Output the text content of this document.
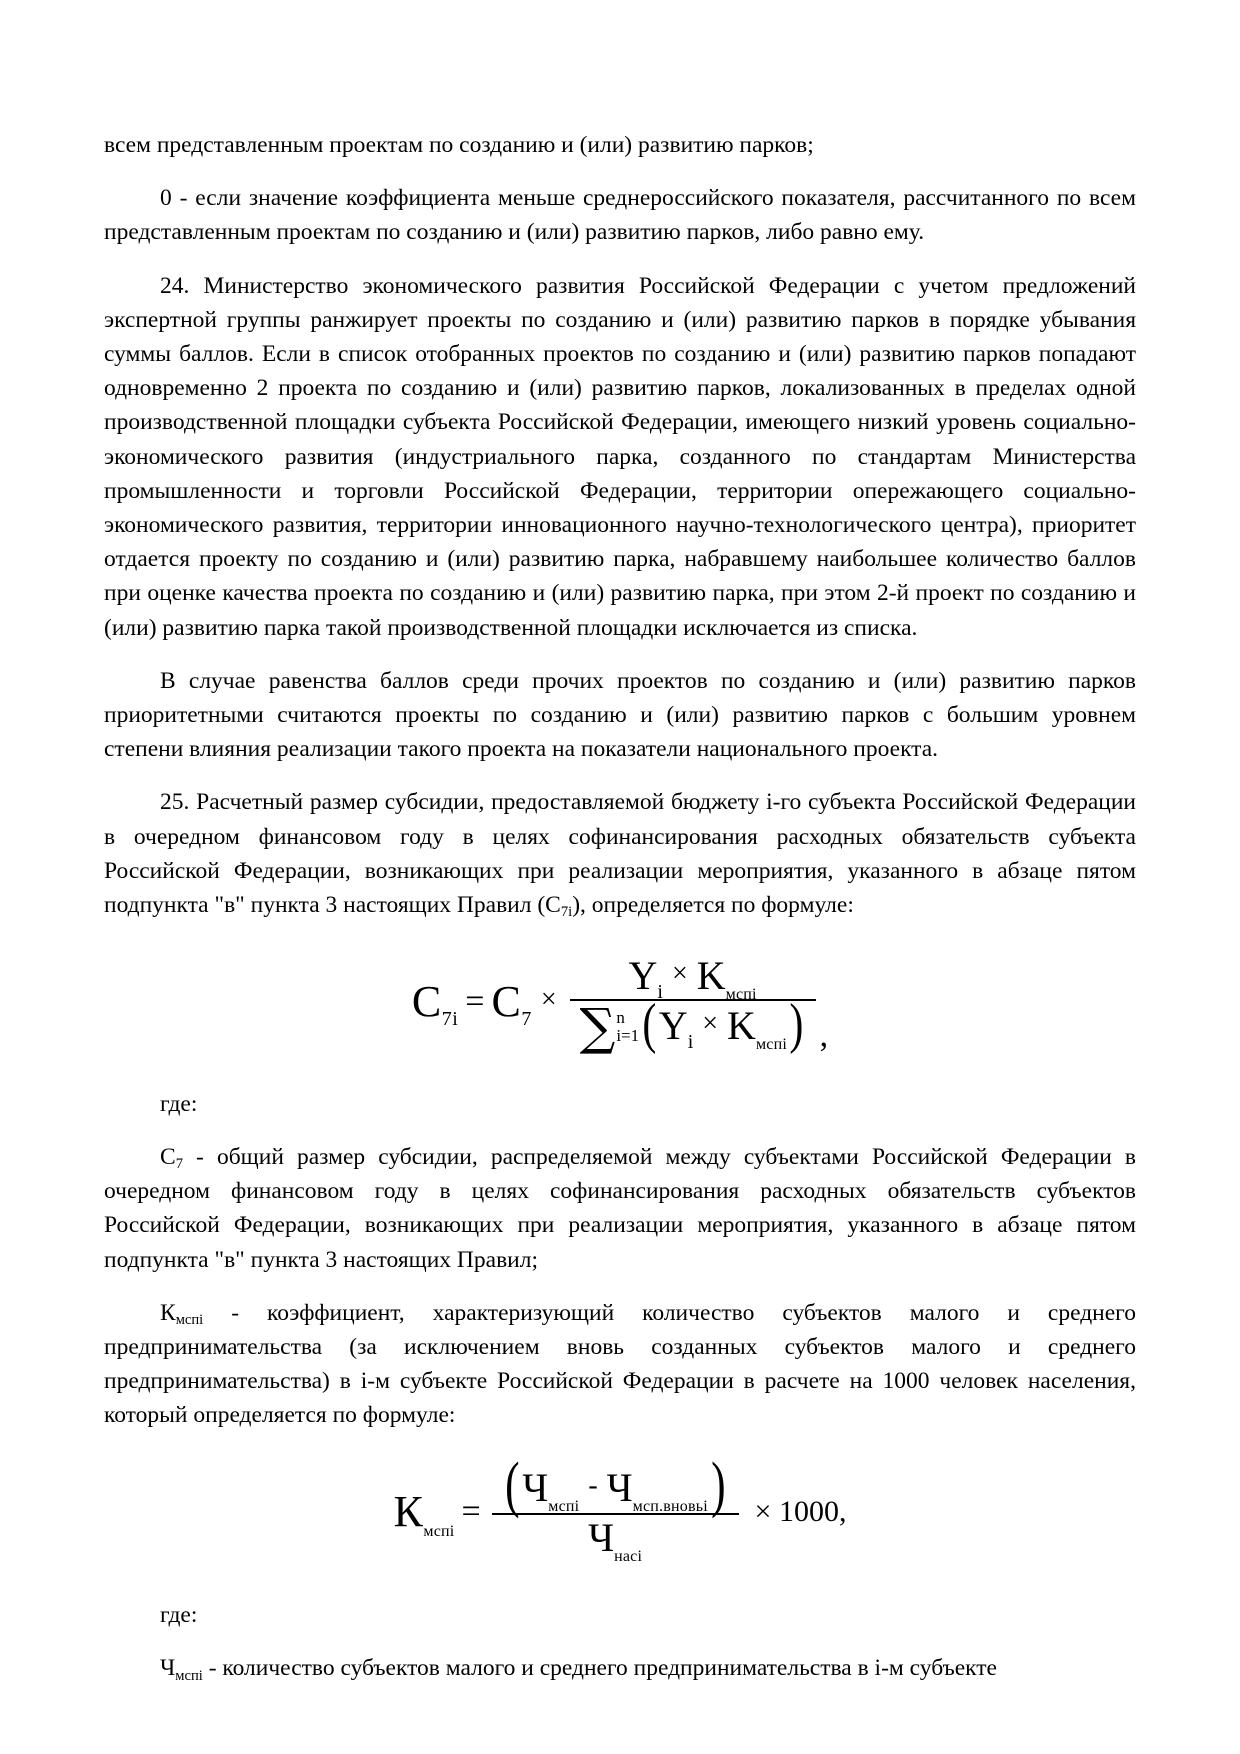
всем представленным проектам по созданию и (или) развитию парков;

0 - если значение коэффициента меньше среднероссийского показателя, рассчитанного по всем представленным проектам по созданию и (или) развитию парков, либо равно ему.

24. Министерство экономического развития Российской Федерации с учетом предложений экспертной группы ранжирует проекты по созданию и (или) развитию парков в порядке убывания суммы баллов. Если в список отобранных проектов по созданию и (или) развитию парков попадают одновременно 2 проекта по созданию и (или) развитию парков, локализованных в пределах одной производственной площадки субъекта Российской Федерации, имеющего низкий уровень социально-экономического развития (индустриального парка, созданного по стандартам Министерства промышленности и торговли Российской Федерации, территории опережающего социально-экономического развития, территории инновационного научно-технологического центра), приоритет отдается проекту по созданию и (или) развитию парка, набравшему наибольшее количество баллов при оценке качества проекта по созданию и (или) развитию парка, при этом 2-й проект по созданию и (или) развитию парка такой производственной площадки исключается из списка.

В случае равенства баллов среди прочих проектов по созданию и (или) развитию парков приоритетными считаются проекты по созданию и (или) развитию парков с большим уровнем степени влияния реализации такого проекта на показатели национального проекта.

25. Расчетный размер субсидии, предоставляемой бюджету i-го субъекта Российской Федерации в очередном финансовом году в целях софинансирования расходных обязательств субъекта Российской Федерации, возникающих при реализации мероприятия, указанного в абзаце пятом подпункта "в" пункта 3 настоящих Правил $(С_{7i})$, определяется по формуле:

$C_{7i} = C_7$
×
$Y_i$
× $K_{мспi}$
∑ n
i=1 ( $Y_i$
× $K_{мспi}$ ) ,

где:

$С_7$ - общий размер субсидии, распределяемой между субъектами Российской Федерации в очередном финансовом году в целях софинансирования расходных обязательств субъектов Российской Федерации, возникающих при реализации мероприятия, указанного в абзаце пятом подпункта "в" пункта 3 настоящих Правил;

$К_{мспi}$ - коэффициент, характеризующий количество субъектов малого и среднего предпринимательства (за исключением вновь созданных субъектов малого и среднего предпринимательства) в i-м субъекте Российской Федерации в расчете на 1000 человек населения, который определяется по формуле:

$К_{мспi}$
= ( $Ч_{мспi}$
- $Ч_{мсп.вновьi}$ )
$Ч_{насi}$
× 1000,

где:

$Ч_{мспi}$ - количество субъектов малого и среднего предпринимательства в i-м субъекте
